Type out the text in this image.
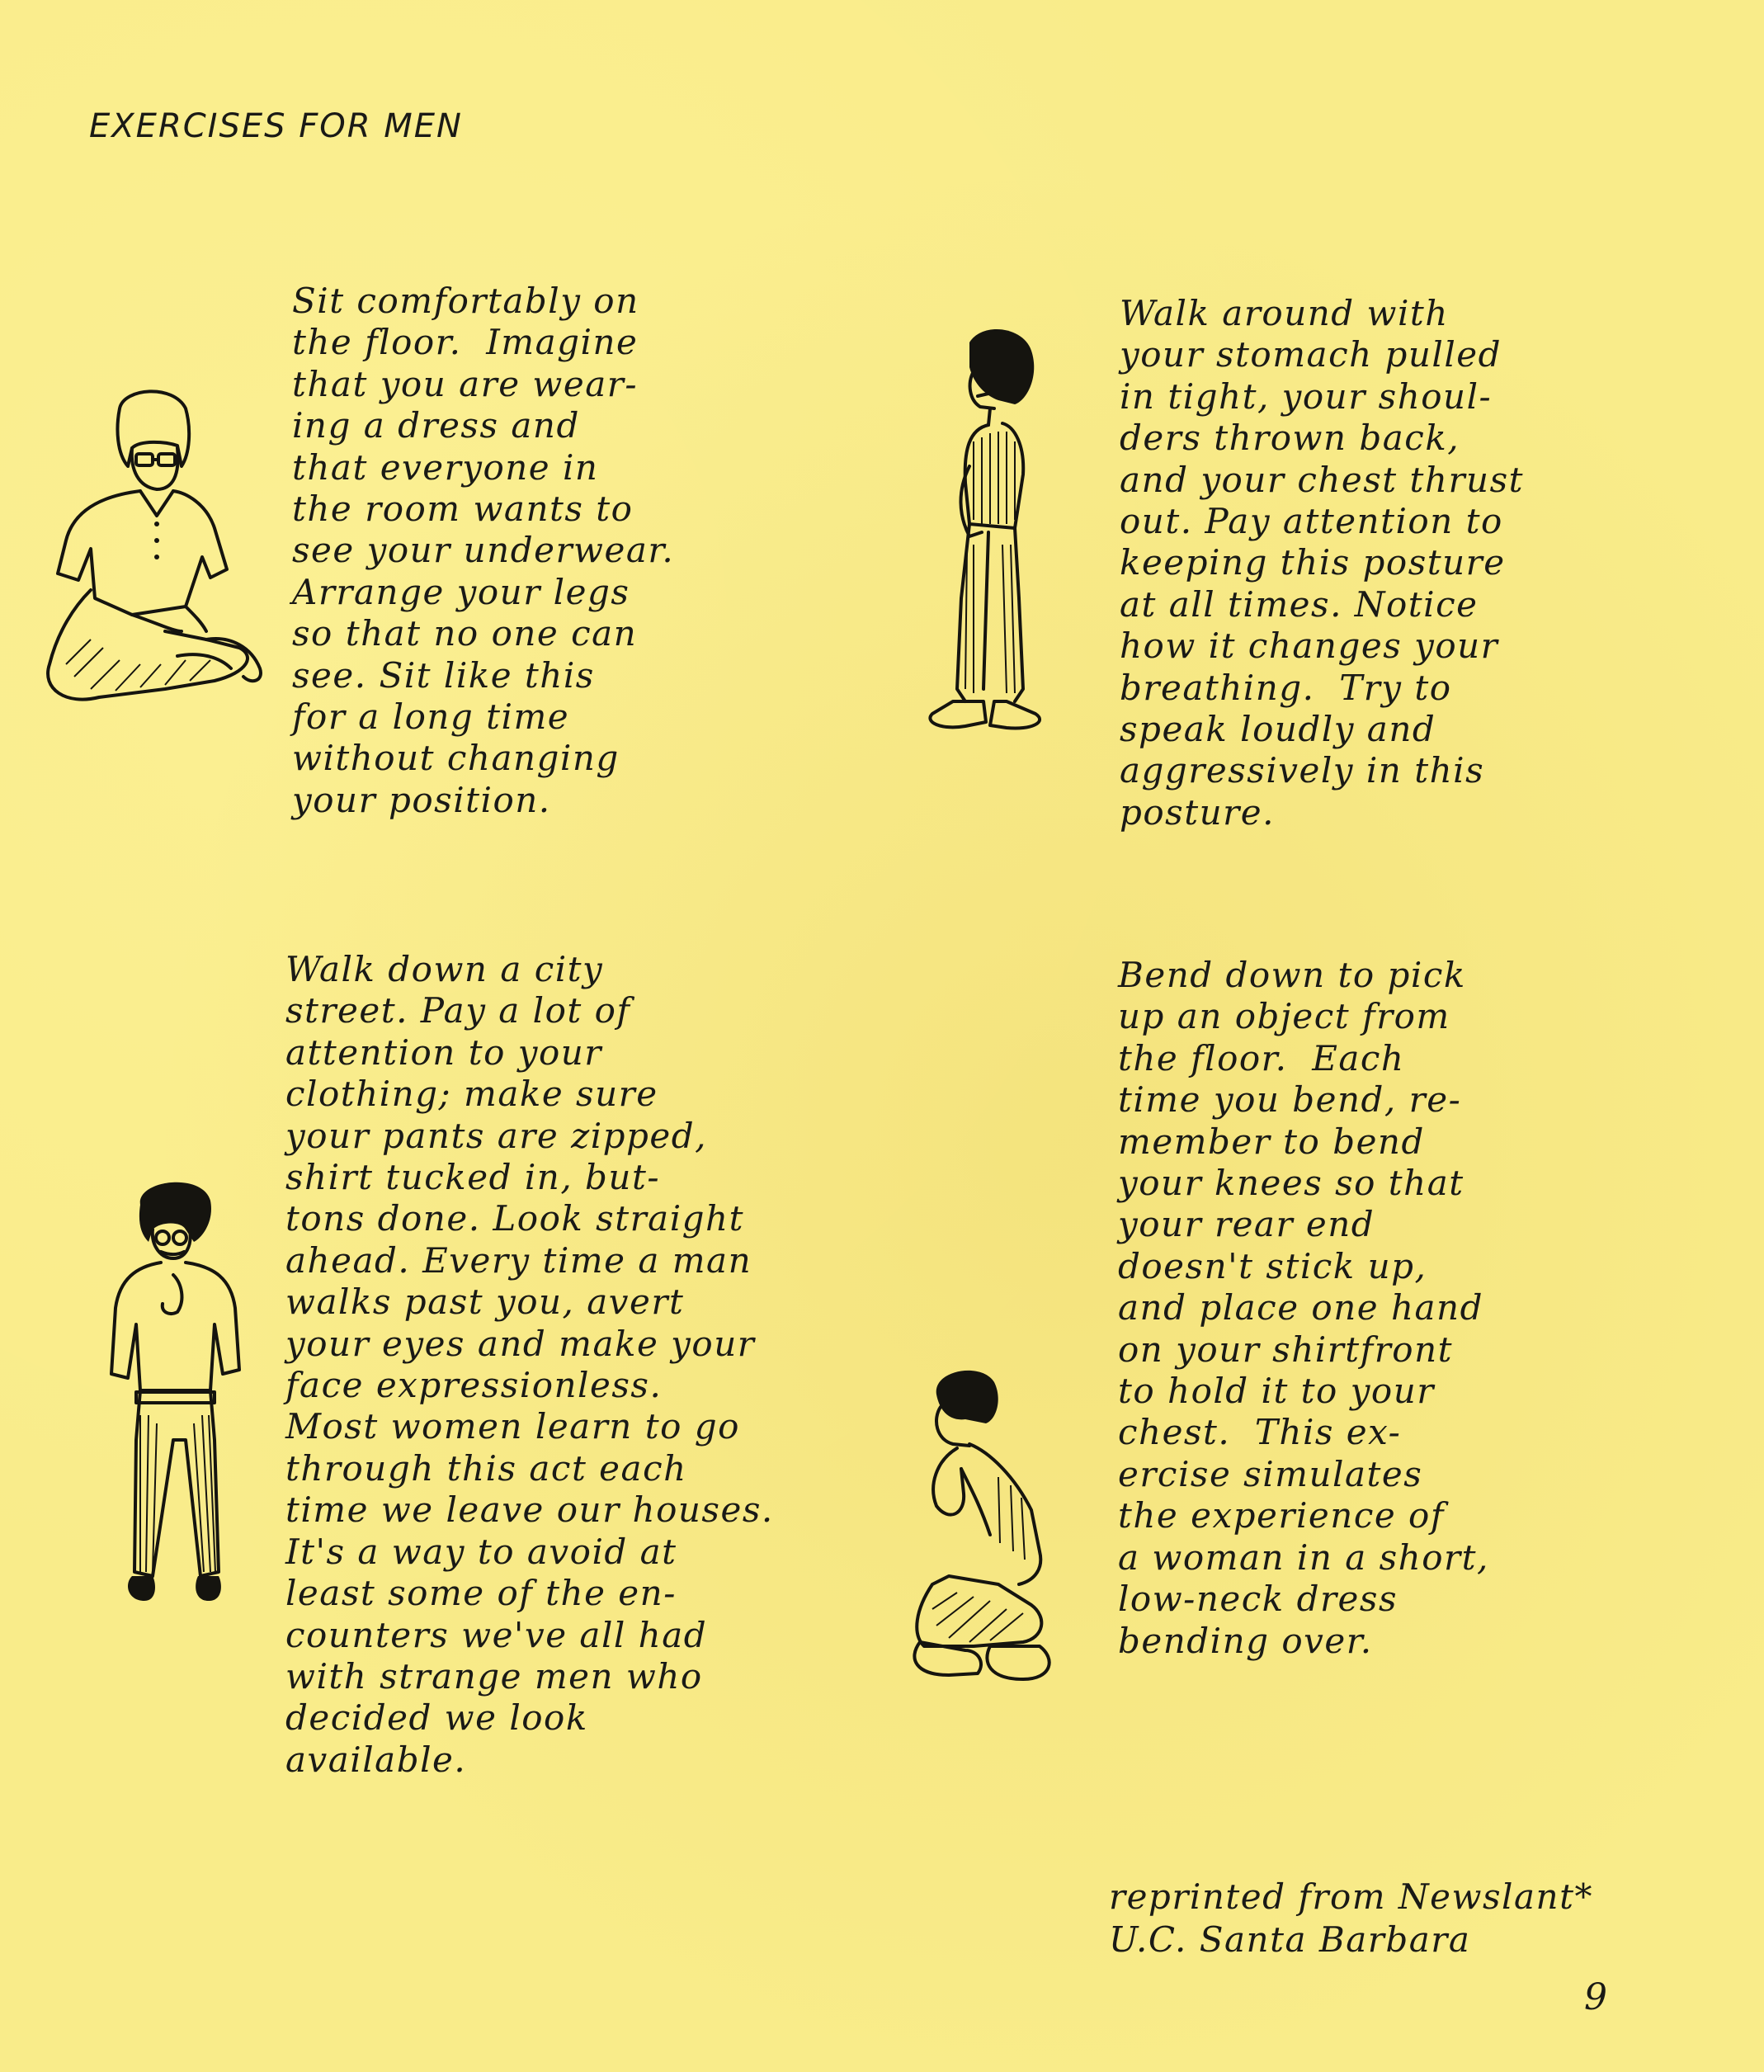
EXERCISES FOR MEN
Sit comfortably on
the floor.  Imagine
that you are wear-
ing a dress and
that everyone in
the room wants to
see your underwear.
Arrange your legs
so that no one can
see. Sit like this
for a long time
without changing
your position.
Walk around with
your stomach pulled
in tight, your shoul-
ders thrown back,
and your chest thrust
out. Pay attention to
keeping this posture
at all times. Notice
how it changes your
breathing.  Try to
speak loudly and
aggressively in this
posture.
Walk down a city
street. Pay a lot of
attention to your
clothing; make sure
your pants are zipped,
shirt tucked in, but-
tons done. Look straight
ahead. Every time a man
walks past you, avert
your eyes and make your
face expressionless.
Most women learn to go
through this act each
time we leave our houses.
It's a way to avoid at
least some of the en-
counters we've all had
with strange men who
decided we look
available.
Bend down to pick
up an object from
the floor.  Each
time you bend, re-
member to bend
your knees so that
your rear end
doesn't stick up,
and place one hand
on your shirtfront
to hold it to your
chest.  This ex-
ercise simulates
the experience of
a woman in a short,
low-neck dress
bending over.
reprinted from Newslant*
U.C. Santa Barbara
9
